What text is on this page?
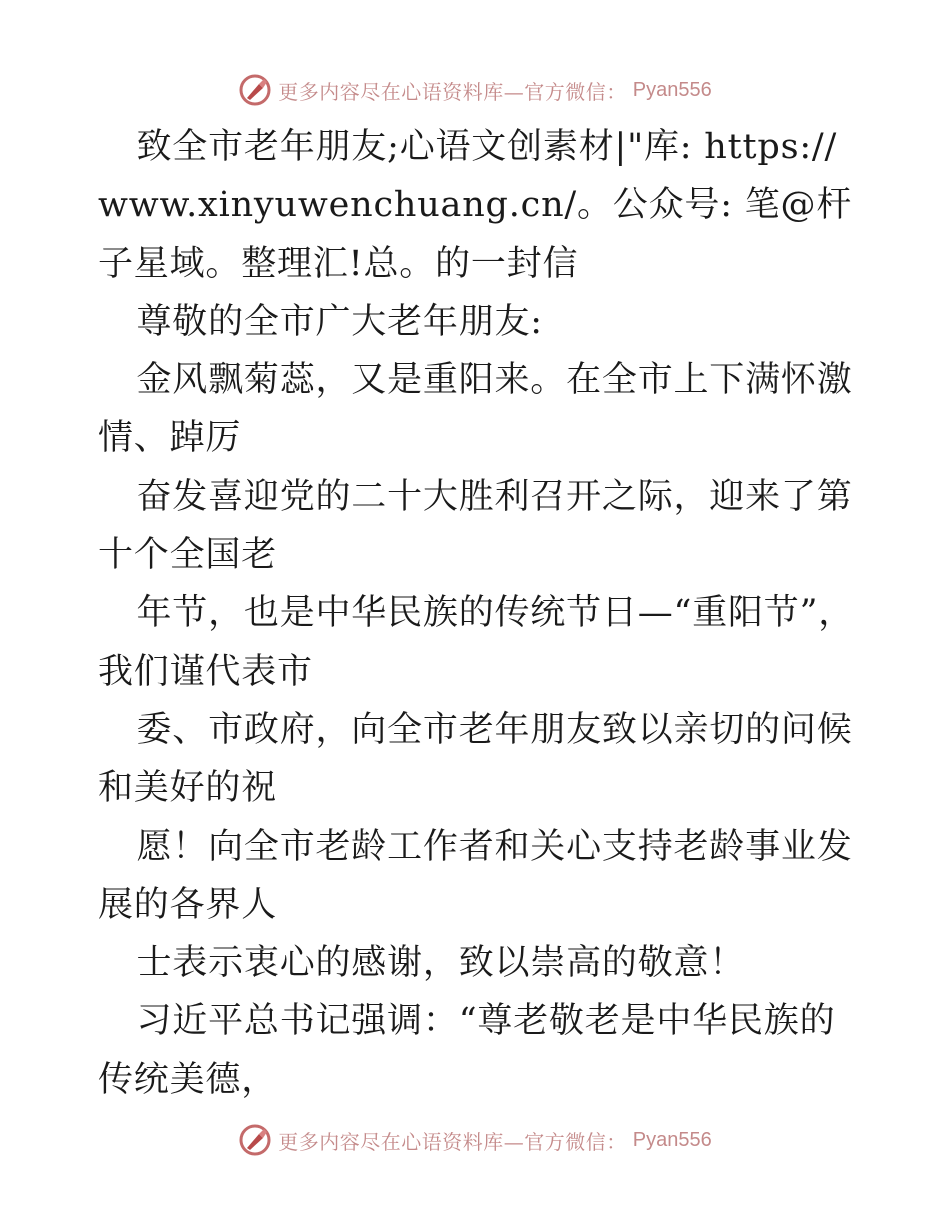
更多内容尽在心语资料库—官方微信： Pyan556

致全市老年朋友;心语文创素材|"库: https://www.xinyuwenchuang.cn/。公众号: 笔@杆子星域。整理汇!总。的一封信

尊敬的全市广大老年朋友:

金风飘菊蕊，又是重阳来。在全市上下满怀激情、踔厉

奋发喜迎党的二十大胜利召开之际，迎来了第十个全国老

年节，也是中华民族的传统节日—“重阳节”，我们谨代表市

委、市政府，向全市老年朋友致以亲切的问候和美好的祝

愿！向全市老龄工作者和关心支持老龄事业发展的各界人

士表示衷心的感谢，致以崇高的敬意！

习近平总书记强调：“尊老敬老是中华民族的传统美德，

更多内容尽在心语资料库—官方微信： Pyan556
